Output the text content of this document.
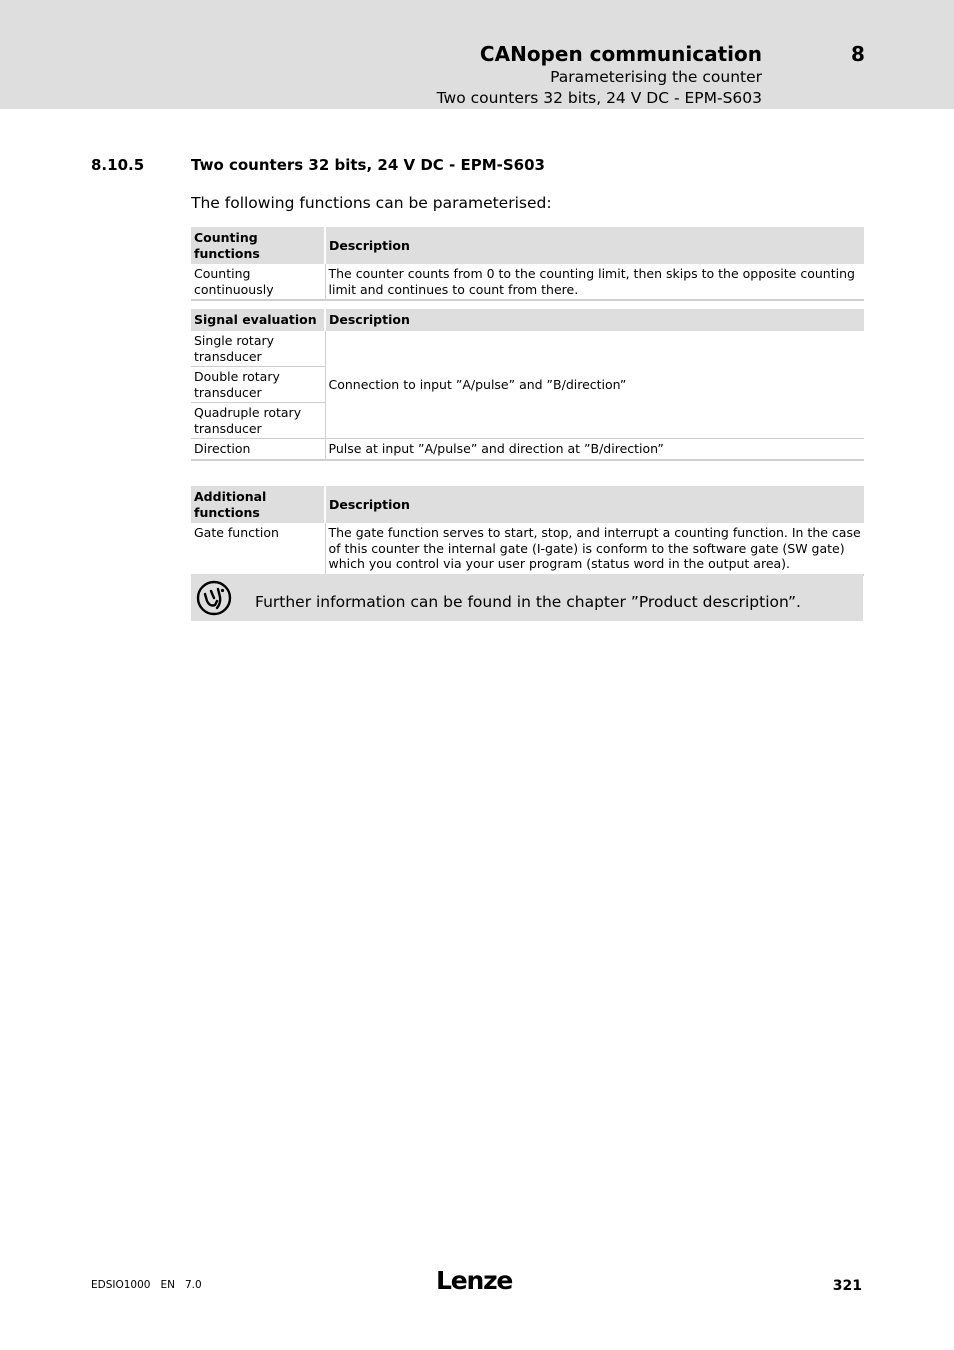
CANopen communication	8
Parameterising the counter
Two counters 32 bits, 24 V DC - EPM-S603
8.10.5	Two counters 32 bits, 24 V DC - EPM-S603
The following functions can be parameterised:
Counting functions	Description
Counting continuously	The counter counts from 0 to the counting limit, then skips to the opposite counting limit and continues to count from there.
Signal evaluation	Description
Single rotary transducer	Connection to input ”A/pulse” and ”B/direction”
Double rotary transducer	
Quadruple rotary transducer	
Direction	Pulse at input ”A/pulse” and direction at ”B/direction”
Additional functions	Description
Gate function	The gate function serves to start, stop, and interrupt a counting function. In the case of this counter the internal gate (I-gate) is conform to the software gate (SW gate) which you control via your user program (status word in the output area).
Further information can be found in the chapter ”Product description”.
EDSIO1000   EN   7.0	Lenze	321
